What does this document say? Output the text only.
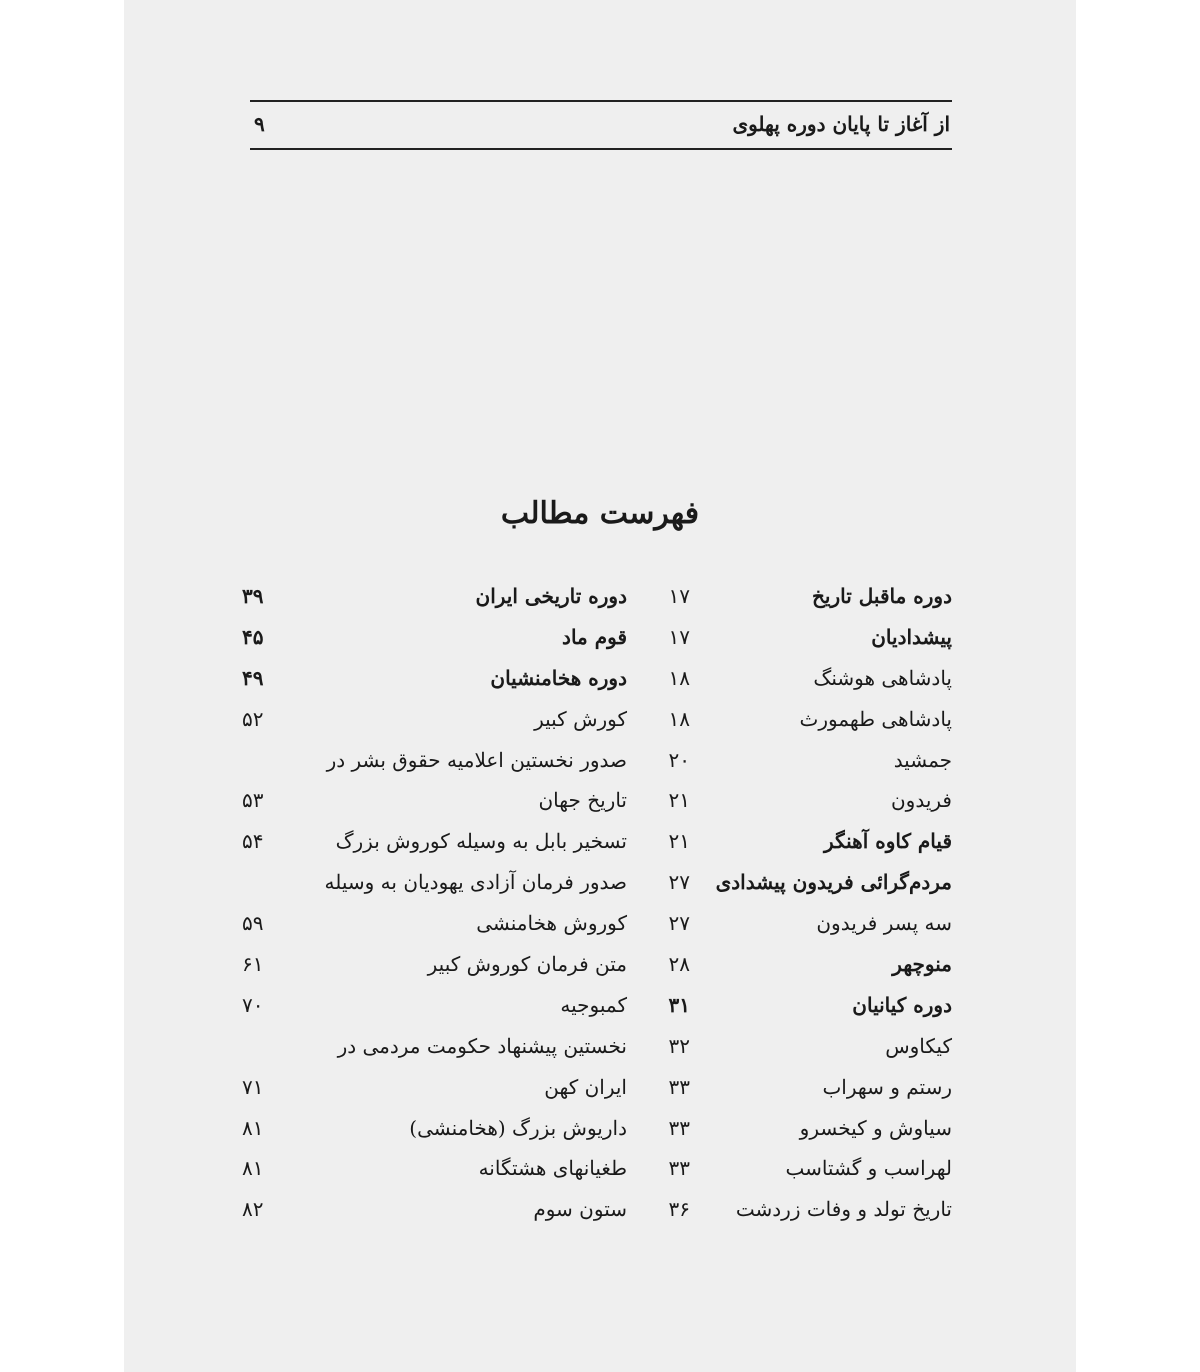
از آغاز تا پایان دوره پهلوی
۹
فهرست مطالب
دوره ماقبل تاریخ
۱۷
دوره تاریخی ایران
۳۹
پیشدادیان
۱۷
قوم ماد
۴۵
پادشاهی هوشنگ
۱۸
دوره هخامنشیان
۴۹
پادشاهی طهمورث
۱۸
کورش کبیر
۵۲
جمشید
۲۰
صدور نخستین اعلامیه حقوق بشر در
فریدون
۲۱
تاریخ جهان
۵۳
قیام کاوه آهنگر
۲۱
تسخیر بابل به وسیله کوروش بزرگ
۵۴
مردم‌گرائی فریدون پیشدادی
۲۷
صدور فرمان آزادی یهودیان به وسیله
سه پسر فریدون
۲۷
کوروش هخامنشی
۵۹
منوچهر
۲۸
متن فرمان کوروش کبیر
۶۱
دوره کیانیان
۳۱
کمبوجیه
۷۰
کیکاوس
۳۲
نخستین پیشنهاد حکومت مردمی در
رستم و سهراب
۳۳
ایران کهن
۷۱
سیاوش و کیخسرو
۳۳
داریوش بزرگ (هخامنشی)
۸۱
لهراسب و گشتاسب
۳۳
طغیانهای هشتگانه
۸۱
تاریخ تولد و وفات زردشت
۳۶
ستون سوم
۸۲
